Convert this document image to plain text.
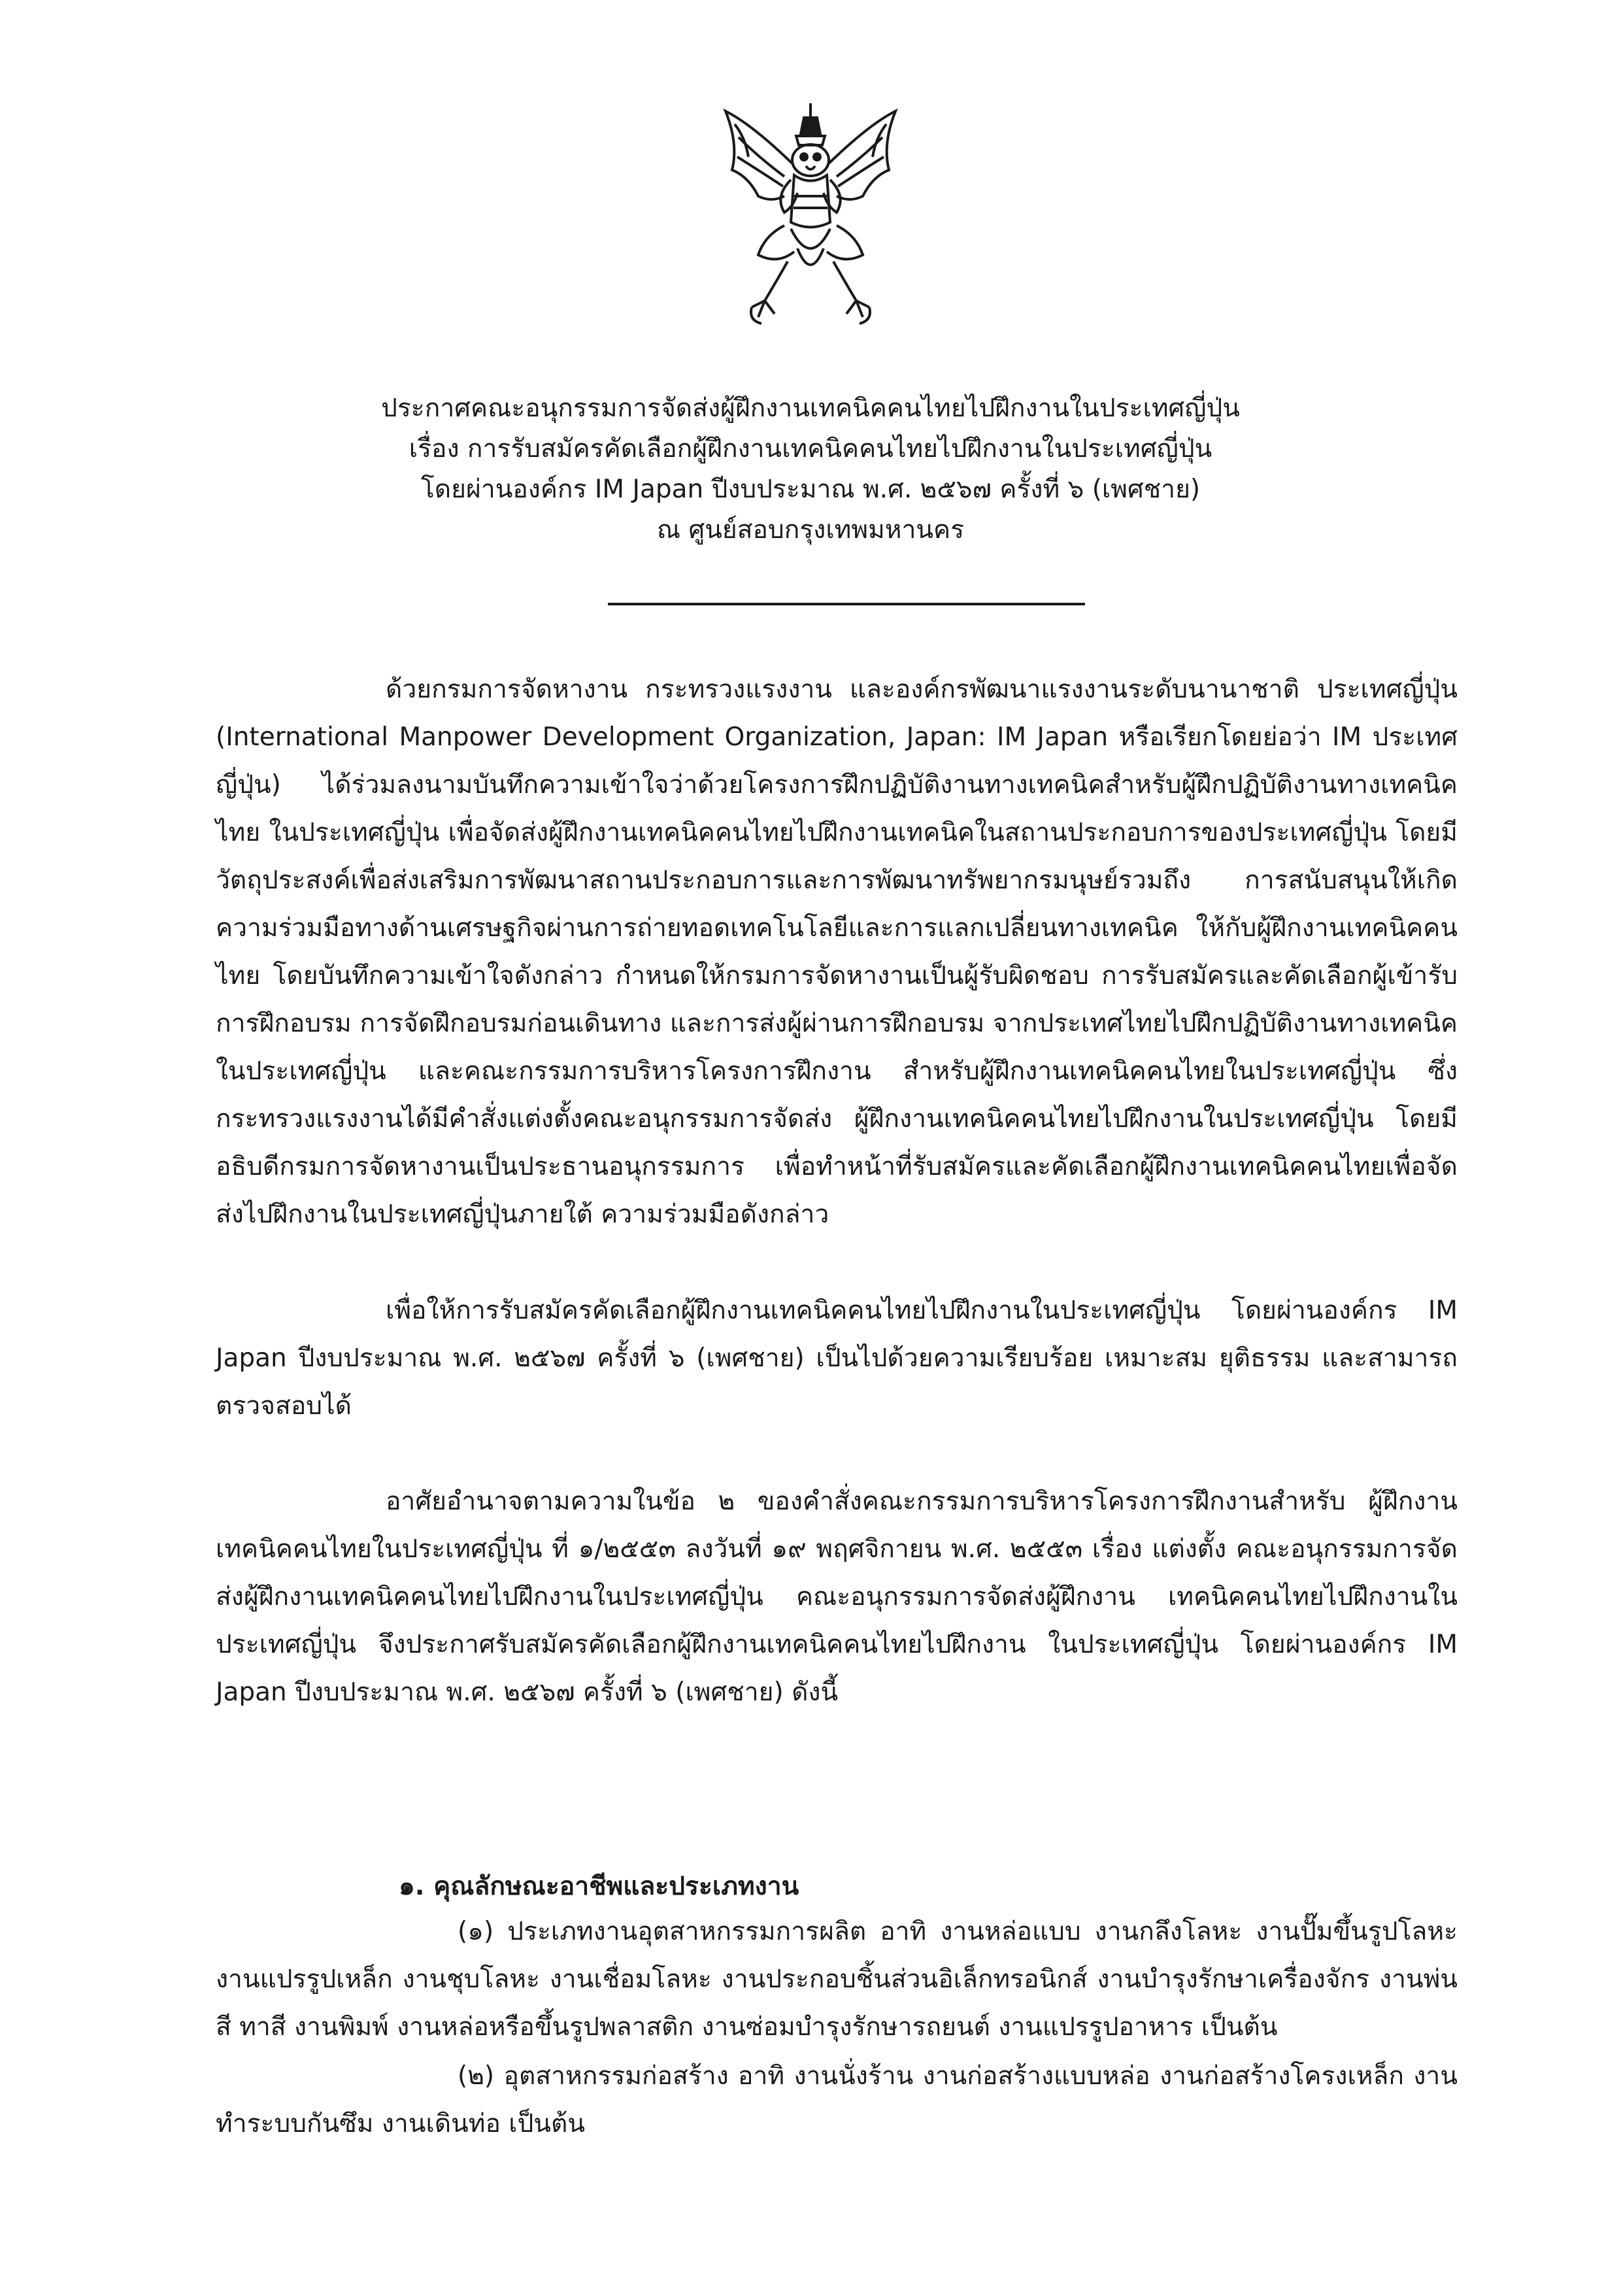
ประกาศคณะอนุกรรมการจัดส่งผู้ฝึกงานเทคนิคคนไทยไปฝึกงานในประเทศญี่ปุ่น
เรื่อง การรับสมัครคัดเลือกผู้ฝึกงานเทคนิคคนไทยไปฝึกงานในประเทศญี่ปุ่น
โดยผ่านองค์กร IM Japan ปีงบประมาณ พ.ศ. ๒๕๖๗ ครั้งที่ ๖ (เพศชาย)
ณ ศูนย์สอบกรุงเทพมหานคร

ด้วยกรมการจัดหางาน กระทรวงแรงงาน และองค์กรพัฒนาแรงงานระดับนานาชาติ ประเทศญี่ปุ่น (International Manpower Development Organization, Japan: IM Japan หรือเรียกโดยย่อว่า IM ประเทศญี่ปุ่น) ได้ร่วมลงนามบันทึกความเข้าใจว่าด้วยโครงการฝึกปฏิบัติงานทางเทคนิคสำหรับผู้ฝึกปฏิบัติงานทางเทคนิคไทย ในประเทศญี่ปุ่น เพื่อจัดส่งผู้ฝึกงานเทคนิคคนไทยไปฝึกงานเทคนิคในสถานประกอบการของประเทศญี่ปุ่น โดยมีวัตถุประสงค์เพื่อส่งเสริมการพัฒนาสถานประกอบการและการพัฒนาทรัพยากรมนุษย์รวมถึง การสนับสนุนให้เกิดความร่วมมือทางด้านเศรษฐกิจผ่านการถ่ายทอดเทคโนโลยีและการแลกเปลี่ยนทางเทคนิค ให้กับผู้ฝึกงานเทคนิคคนไทย โดยบันทึกความเข้าใจดังกล่าว กำหนดให้กรมการจัดหางานเป็นผู้รับผิดชอบ การรับสมัครและคัดเลือกผู้เข้ารับการฝึกอบรม การจัดฝึกอบรมก่อนเดินทาง และการส่งผู้ผ่านการฝึกอบรม จากประเทศไทยไปฝึกปฏิบัติงานทางเทคนิคในประเทศญี่ปุ่น และคณะกรรมการบริหารโครงการฝึกงาน สำหรับผู้ฝึกงานเทคนิคคนไทยในประเทศญี่ปุ่น ซึ่งกระทรวงแรงงานได้มีคำสั่งแต่งตั้งคณะอนุกรรมการจัดส่ง ผู้ฝึกงานเทคนิคคนไทยไปฝึกงานในประเทศญี่ปุ่น โดยมีอธิบดีกรมการจัดหางานเป็นประธานอนุกรรมการ เพื่อทำหน้าที่รับสมัครและคัดเลือกผู้ฝึกงานเทคนิคคนไทยเพื่อจัดส่งไปฝึกงานในประเทศญี่ปุ่นภายใต้ ความร่วมมือดังกล่าว

เพื่อให้การรับสมัครคัดเลือกผู้ฝึกงานเทคนิคคนไทยไปฝึกงานในประเทศญี่ปุ่น โดยผ่านองค์กร IM Japan ปีงบประมาณ พ.ศ. ๒๕๖๗ ครั้งที่ ๖ (เพศชาย) เป็นไปด้วยความเรียบร้อย เหมาะสม ยุติธรรม และสามารถตรวจสอบได้

อาศัยอำนาจตามความในข้อ ๒ ของคำสั่งคณะกรรมการบริหารโครงการฝึกงานสำหรับ ผู้ฝึกงานเทคนิคคนไทยในประเทศญี่ปุ่น ที่ ๑/๒๕๕๓ ลงวันที่ ๑๙ พฤศจิกายน พ.ศ. ๒๕๕๓ เรื่อง แต่งตั้ง คณะอนุกรรมการจัดส่งผู้ฝึกงานเทคนิคคนไทยไปฝึกงานในประเทศญี่ปุ่น คณะอนุกรรมการจัดส่งผู้ฝึกงาน เทคนิคคนไทยไปฝึกงานในประเทศญี่ปุ่น จึงประกาศรับสมัครคัดเลือกผู้ฝึกงานเทคนิคคนไทยไปฝึกงาน ในประเทศญี่ปุ่น โดยผ่านองค์กร IM Japan ปีงบประมาณ พ.ศ. ๒๕๖๗ ครั้งที่ ๖ (เพศชาย) ดังนี้

๑. คุณลักษณะอาชีพและประเภทงาน

(๑) ประเภทงานอุตสาหกรรมการผลิต อาทิ งานหล่อแบบ งานกลึงโลหะ งานปั๊มขึ้นรูปโลหะ งานแปรรูปเหล็ก งานชุบโลหะ งานเชื่อมโลหะ งานประกอบชิ้นส่วนอิเล็กทรอนิกส์ งานบำรุงรักษาเครื่องจักร งานพ่นสี ทาสี งานพิมพ์ งานหล่อหรือขึ้นรูปพลาสติก งานซ่อมบำรุงรักษารถยนต์ งานแปรรูปอาหาร เป็นต้น

(๒) อุตสาหกรรมก่อสร้าง อาทิ งานนั่งร้าน งานก่อสร้างแบบหล่อ งานก่อสร้างโครงเหล็ก งานทำระบบกันซึม งานเดินท่อ เป็นต้น
